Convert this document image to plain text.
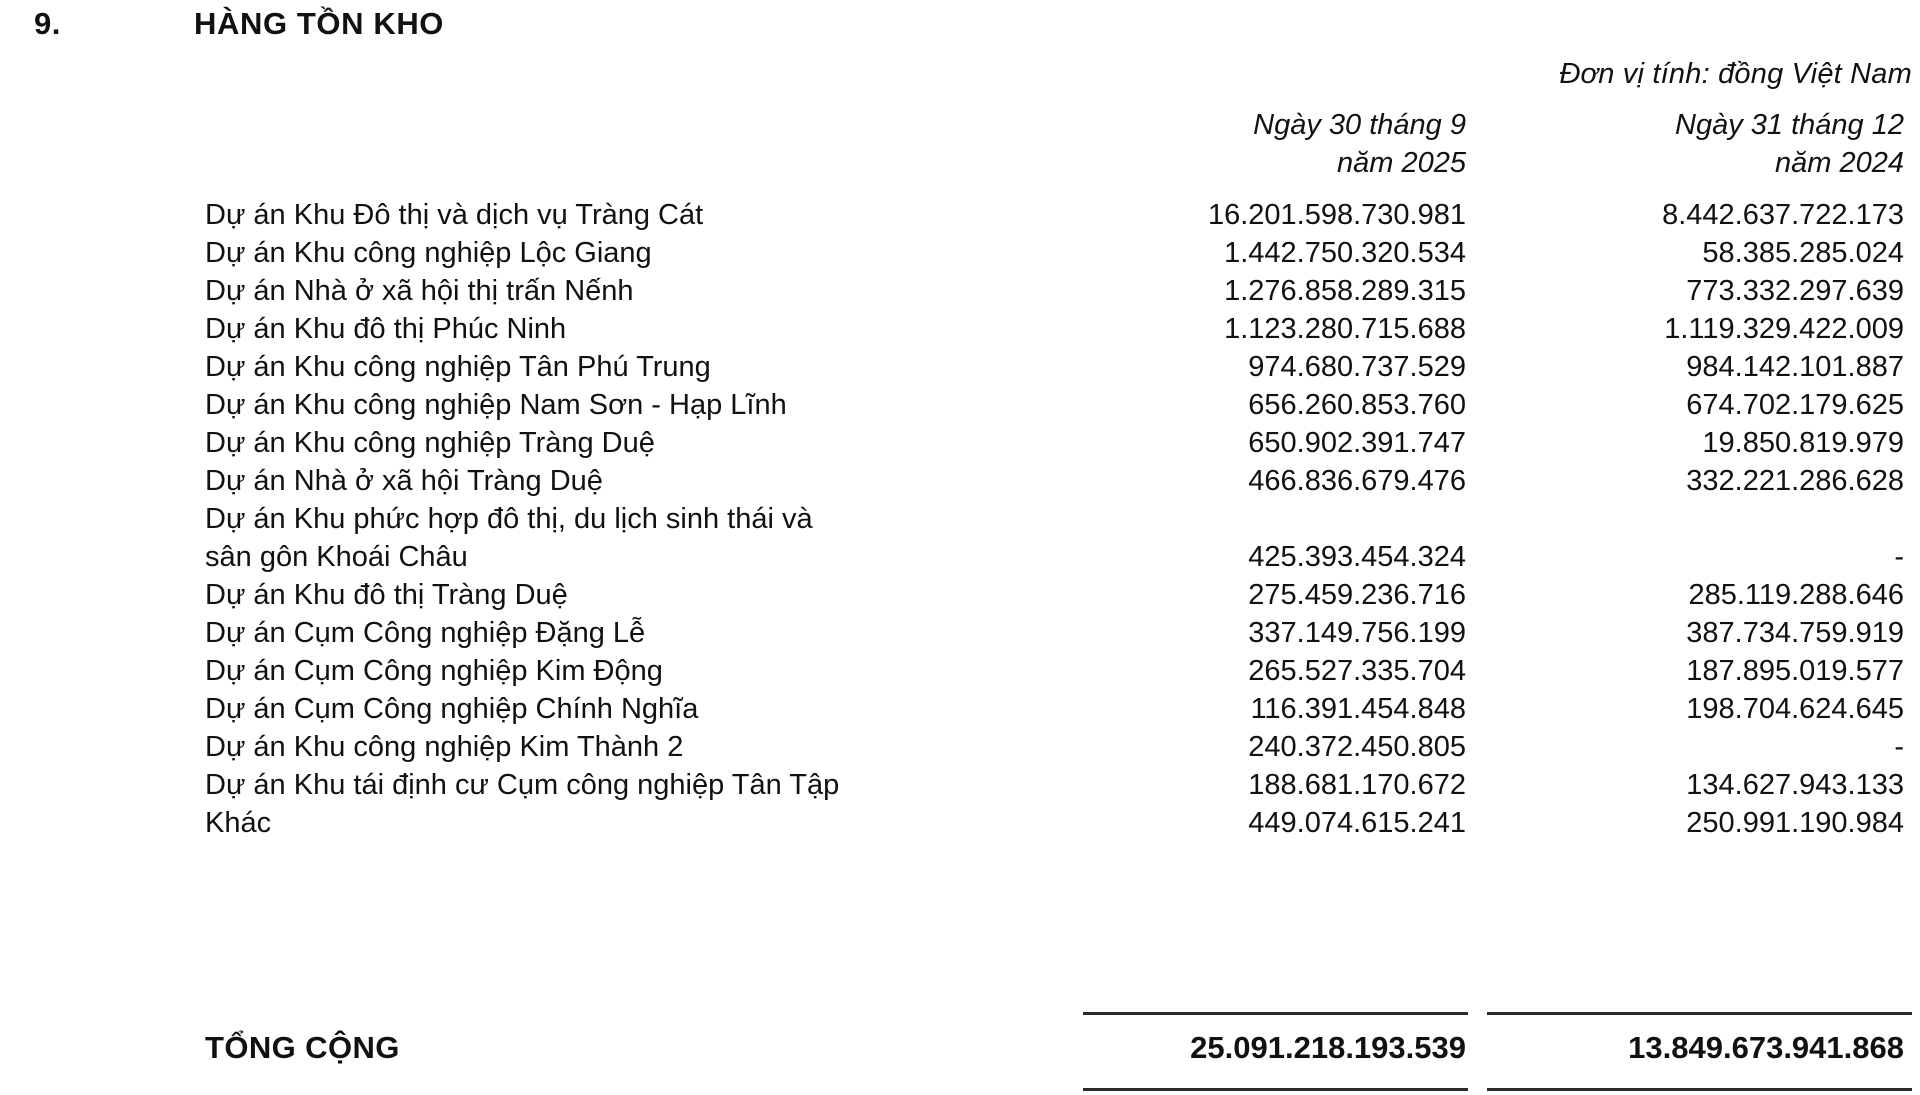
9.	HÀNG TỒN KHO
Đơn vị tính: đồng Việt Nam
Ngày 30 tháng 9
năm 2025
Ngày 31 tháng 12
năm 2024
Dự án Khu Đô thị và dịch vụ Tràng Cát	16.201.598.730.981	8.442.637.722.173
Dự án Khu công nghiệp Lộc Giang	1.442.750.320.534	58.385.285.024
Dự án Nhà ở xã hội thị trấn Nếnh	1.276.858.289.315	773.332.297.639
Dự án Khu đô thị Phúc Ninh	1.123.280.715.688	1.119.329.422.009
Dự án Khu công nghiệp Tân Phú Trung	974.680.737.529	984.142.101.887
Dự án Khu công nghiệp Nam Sơn - Hạp Lĩnh	656.260.853.760	674.702.179.625
Dự án Khu công nghiệp Tràng Duệ	650.902.391.747	19.850.819.979
Dự án Nhà ở xã hội Tràng Duệ	466.836.679.476	332.221.286.628
Dự án Khu phức hợp đô thị, du lịch sinh thái và
sân gôn Khoái Châu	425.393.454.324	-
Dự án Khu đô thị Tràng Duệ	275.459.236.716	285.119.288.646
Dự án Cụm Công nghiệp Đặng Lễ	337.149.756.199	387.734.759.919
Dự án Cụm Công nghiệp Kim Động	265.527.335.704	187.895.019.577
Dự án Cụm Công nghiệp Chính Nghĩa	116.391.454.848	198.704.624.645
Dự án Khu công nghiệp Kim Thành 2	240.372.450.805	-
Dự án Khu tái định cư Cụm công nghiệp Tân Tập	188.681.170.672	134.627.943.133
Khác	449.074.615.241	250.991.190.984
TỔNG CỘNG	25.091.218.193.539	13.849.673.941.868
